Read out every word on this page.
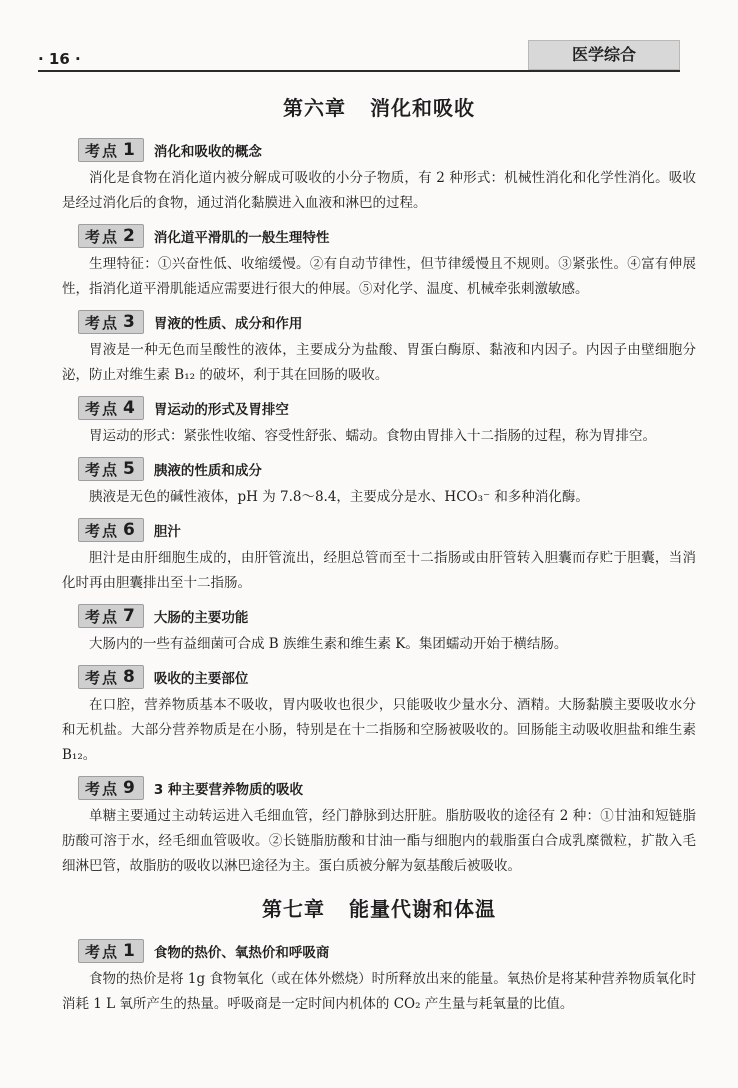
· 16 ·	医学综合
第六章 消化和吸收
考点 1 消化和吸收的概念

消化是食物在消化道内被分解成可吸收的小分子物质，有 2 种形式：机械性消化和化学性消化。吸收是经过消化后的食物，通过消化黏膜进入血液和淋巴的过程。

考点 2 消化道平滑肌的一般生理特性

生理特征：①兴奋性低、收缩缓慢。②有自动节律性，但节律缓慢且不规则。③紧张性。④富有伸展性，指消化道平滑肌能适应需要进行很大的伸展。⑤对化学、温度、机械牵张刺激敏感。

考点 3 胃液的性质、成分和作用

胃液是一种无色而呈酸性的液体，主要成分为盐酸、胃蛋白酶原、黏液和内因子。内因子由壁细胞分泌，防止对维生素 B₁₂ 的破坏，利于其在回肠的吸收。

考点 4 胃运动的形式及胃排空

胃运动的形式：紧张性收缩、容受性舒张、蠕动。食物由胃排入十二指肠的过程，称为胃排空。

考点 5 胰液的性质和成分

胰液是无色的碱性液体，pH 为 7.8～8.4，主要成分是水、HCO₃⁻ 和多种消化酶。

考点 6 胆汁

胆汁是由肝细胞生成的，由肝管流出，经胆总管而至十二指肠或由肝管转入胆囊而存贮于胆囊，当消化时再由胆囊排出至十二指肠。

考点 7 大肠的主要功能

大肠内的一些有益细菌可合成 B 族维生素和维生素 K。集团蠕动开始于横结肠。

考点 8 吸收的主要部位

在口腔，营养物质基本不吸收，胃内吸收也很少，只能吸收少量水分、酒精。大肠黏膜主要吸收水分和无机盐。大部分营养物质是在小肠，特别是在十二指肠和空肠被吸收的。回肠能主动吸收胆盐和维生素 B₁₂。

考点 9 3 种主要营养物质的吸收

单糖主要通过主动转运进入毛细血管，经门静脉到达肝脏。脂肪吸收的途径有 2 种：①甘油和短链脂肪酸可溶于水，经毛细血管吸收。②长链脂肪酸和甘油一酯与细胞内的载脂蛋白合成乳糜微粒，扩散入毛细淋巴管，故脂肪的吸收以淋巴途径为主。蛋白质被分解为氨基酸后被吸收。

第七章 能量代谢和体温
考点 1 食物的热价、氧热价和呼吸商

食物的热价是将 1g 食物氧化（或在体外燃烧）时所释放出来的能量。氧热价是将某种营养物质氧化时消耗 1 L 氧所产生的热量。呼吸商是一定时间内机体的 CO₂ 产生量与耗氧量的比值。
